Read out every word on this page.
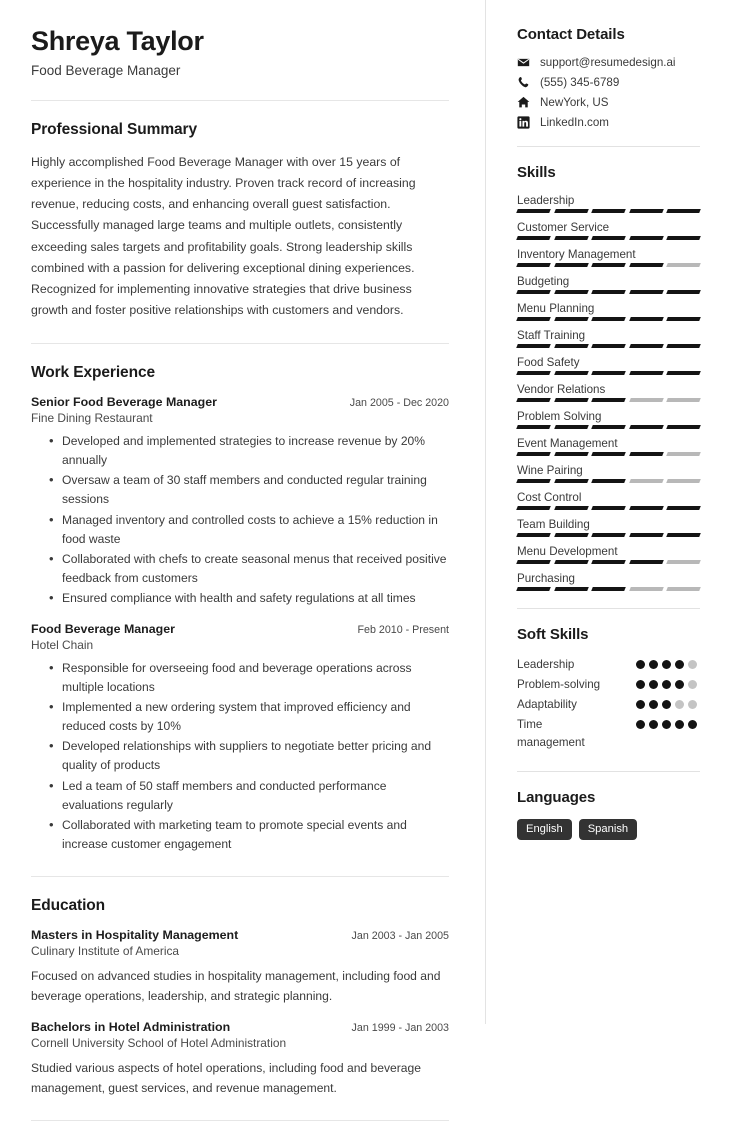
Shreya Taylor
Food Beverage Manager
Professional Summary
Highly accomplished Food Beverage Manager with over 15 years of experience in the hospitality industry. Proven track record of increasing revenue, reducing costs, and enhancing overall guest satisfaction. Successfully managed large teams and multiple outlets, consistently exceeding sales targets and profitability goals. Strong leadership skills combined with a passion for delivering exceptional dining experiences. Recognized for implementing innovative strategies that drive business growth and foster positive relationships with customers and vendors.
Work Experience
Senior Food Beverage Manager	Jan 2005 - Dec 2020
Fine Dining Restaurant
• Developed and implemented strategies to increase revenue by 20% annually
• Oversaw a team of 30 staff members and conducted regular training sessions
• Managed inventory and controlled costs to achieve a 15% reduction in food waste
• Collaborated with chefs to create seasonal menus that received positive feedback from customers
• Ensured compliance with health and safety regulations at all times
Food Beverage Manager	Feb 2010 - Present
Hotel Chain
• Responsible for overseeing food and beverage operations across multiple locations
• Implemented a new ordering system that improved efficiency and reduced costs by 10%
• Developed relationships with suppliers to negotiate better pricing and quality of products
• Led a team of 50 staff members and conducted performance evaluations regularly
• Collaborated with marketing team to promote special events and increase customer engagement
Education
Masters in Hospitality Management	Jan 2003 - Jan 2005
Culinary Institute of America
Focused on advanced studies in hospitality management, including food and beverage operations, leadership, and strategic planning.
Bachelors in Hotel Administration	Jan 1999 - Jan 2003
Cornell University School of Hotel Administration
Studied various aspects of hotel operations, including food and beverage management, guest services, and revenue management.
Contact Details
support@resumedesign.ai
(555) 345-6789
NewYork, US
LinkedIn.com
Skills
Leadership
Customer Service
Inventory Management
Budgeting
Menu Planning
Staff Training
Food Safety
Vendor Relations
Problem Solving
Event Management
Wine Pairing
Cost Control
Team Building
Menu Development
Purchasing
Soft Skills
Leadership
Problem-solving
Adaptability
Time management
Languages
English	Spanish
